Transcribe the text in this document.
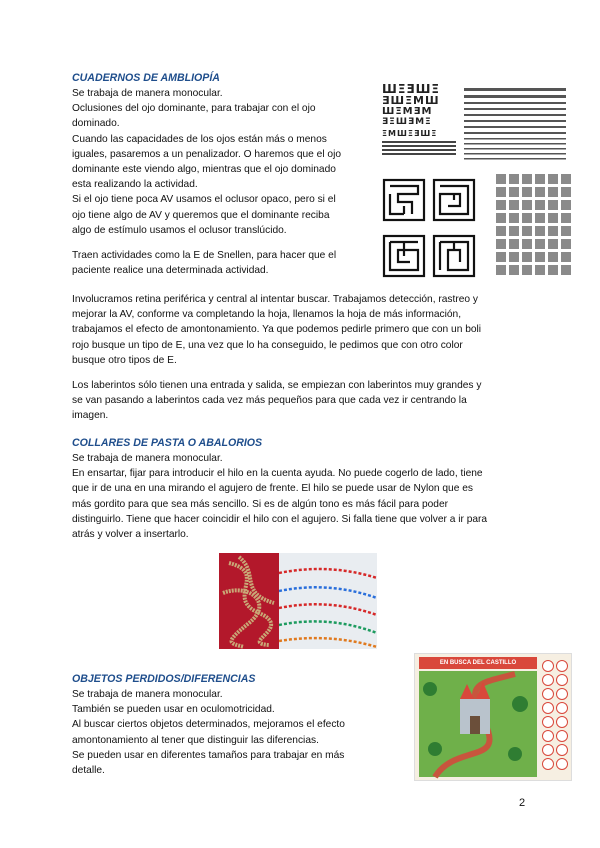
CUADERNOS DE AMBLIOPÍA

Se trabaja de manera monocular.

Oclusiones del ojo dominante, para trabajar con el ojo

dominado.

Cuando las capacidades de los ojos están más o menos

iguales, pasaremos a un penalizador. O haremos que el ojo

dominante este viendo algo, mientras que el ojo dominado

esta realizando la actividad.

Si el ojo tiene poca AV usamos el oclusor opaco, pero si el

ojo tiene algo de AV y queremos que el dominante reciba

algo de estímulo usamos el oclusor translúcido.

Traen actividades como la E de Snellen, para hacer que el

paciente realice una determinada actividad.

Involucramos retina periférica y central al intentar buscar. Trabajamos detección, rastreo y

mejorar la AV, conforme va completando la hoja, llenamos la hoja de más información,

trabajamos el efecto de amontonamiento. Ya que podemos pedirle primero que con un boli

rojo busque un tipo de E, una vez que lo ha conseguido, le pedimos que con otro color

busque otro tipos de E.

Los laberintos sólo tienen una entrada y salida, se empiezan con laberintos muy grandes y

se van pasando a laberintos cada vez más pequeños para que cada vez ir centrando la

imagen.

ШΞƎШΞ
ƎШΞМШ
ШΞМƎМ
ƎΞШƎМΞ
ΞΜШΞƎШΞ
COLLARES DE PASTA O ABALORIOS

Se trabaja de manera monocular.

En ensartar, fijar para introducir el hilo en la cuenta ayuda. No puede cogerlo de lado, tiene

que ir de una en una mirando el agujero de frente. El hilo se puede usar de Nylon que es

más gordito para que sea más sencillo. Si es de algún tono es más fácil para poder

distinguirlo. Tiene que hacer coincidir el hilo con el agujero. Si falla tiene que volver a ir para

atrás y volver a insertarlo.

OBJETOS PERDIDOS/DIFERENCIAS

Se trabaja de manera monocular.

También se pueden usar en oculomotricidad.

Al buscar ciertos objetos determinados, mejoramos el efecto

amontonamiento al tener que distinguir las diferencias.

Se pueden usar en diferentes tamaños para trabajar en más

detalle.

EN BUSCA DEL CASTILLO
2
